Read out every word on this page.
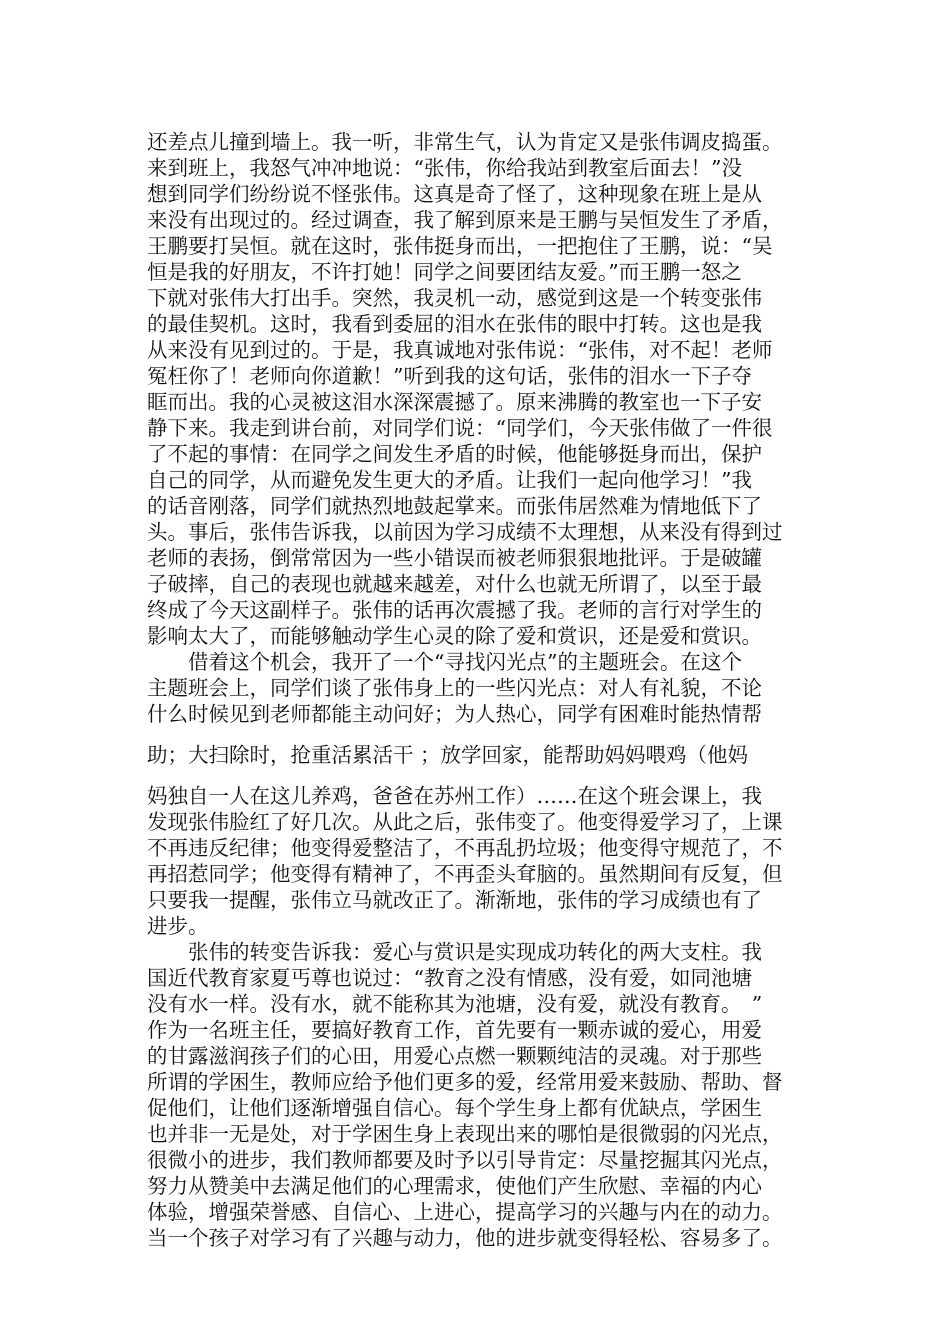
还差点儿撞到墙上。我一听，非常生气，认为肯定又是张伟调皮捣蛋。
来到班上，我怒气冲冲地说：“张伟，你给我站到教室后面去！”没
想到同学们纷纷说不怪张伟。这真是奇了怪了，这种现象在班上是从
来没有出现过的。经过调查，我了解到原来是王鹏与吴恒发生了矛盾，
王鹏要打吴恒。就在这时，张伟挺身而出，一把抱住了王鹏，说：“吴
恒是我的好朋友，不许打她！同学之间要团结友爱。”而王鹏一怒之
下就对张伟大打出手。突然，我灵机一动，感觉到这是一个转变张伟
的最佳契机。这时，我看到委屈的泪水在张伟的眼中打转。这也是我
从来没有见到过的。于是，我真诚地对张伟说：“张伟，对不起！老师
冤枉你了！老师向你道歉！”听到我的这句话，张伟的泪水一下子夺
眶而出。我的心灵被这泪水深深震撼了。原来沸腾的教室也一下子安
静下来。我走到讲台前，对同学们说：“同学们，今天张伟做了一件很
了不起的事情：在同学之间发生矛盾的时候，他能够挺身而出，保护
自己的同学，从而避免发生更大的矛盾。让我们一起向他学习！”我
的话音刚落，同学们就热烈地鼓起掌来。而张伟居然难为情地低下了
头。事后，张伟告诉我，以前因为学习成绩不太理想，从来没有得到过
老师的表扬，倒常常因为一些小错误而被老师狠狠地批评。于是破罐
子破摔，自己的表现也就越来越差，对什么也就无所谓了，以至于最
终成了今天这副样子。张伟的话再次震撼了我。老师的言行对学生的
影响太大了，而能够触动学生心灵的除了爱和赏识，还是爱和赏识。
借着这个机会，我开了一个“寻找闪光点”的主题班会。在这个
主题班会上，同学们谈了张伟身上的一些闪光点：对人有礼貌，不论
什么时候见到老师都能主动问好；为人热心，同学有困难时能热情帮
助；大扫除时，抢重活累活干 ；放学回家，能帮助妈妈喂鸡（他妈
妈独自一人在这儿养鸡，爸爸在苏州工作）……在这个班会课上，我
发现张伟脸红了好几次。从此之后，张伟变了。他变得爱学习了，上课
不再违反纪律；他变得爱整洁了，不再乱扔垃圾；他变得守规范了，不
再招惹同学；他变得有精神了，不再歪头耷脑的。虽然期间有反复，但
只要我一提醒，张伟立马就改正了。渐渐地，张伟的学习成绩也有了
进步。
张伟的转变告诉我：爱心与赏识是实现成功转化的两大支柱。我
国近代教育家夏丐尊也说过：“教育之没有情感，没有爱，如同池塘
没有水一样。没有水，就不能称其为池塘，没有爱，就没有教育。　”
作为一名班主任，要搞好教育工作，首先要有一颗赤诚的爱心，用爱
的甘露滋润孩子们的心田，用爱心点燃一颗颗纯洁的灵魂。对于那些
所谓的学困生，教师应给予他们更多的爱，经常用爱来鼓励、帮助、督
促他们，让他们逐渐增强自信心。每个学生身上都有优缺点，学困生
也并非一无是处，对于学困生身上表现出来的哪怕是很微弱的闪光点，
很微小的进步，我们教师都要及时予以引导肯定：尽量挖掘其闪光点，
努力从赞美中去满足他们的心理需求，使他们产生欣慰、幸福的内心
体验，增强荣誉感、自信心、上进心，提高学习的兴趣与内在的动力。
当一个孩子对学习有了兴趣与动力，他的进步就变得轻松、容易多了。
